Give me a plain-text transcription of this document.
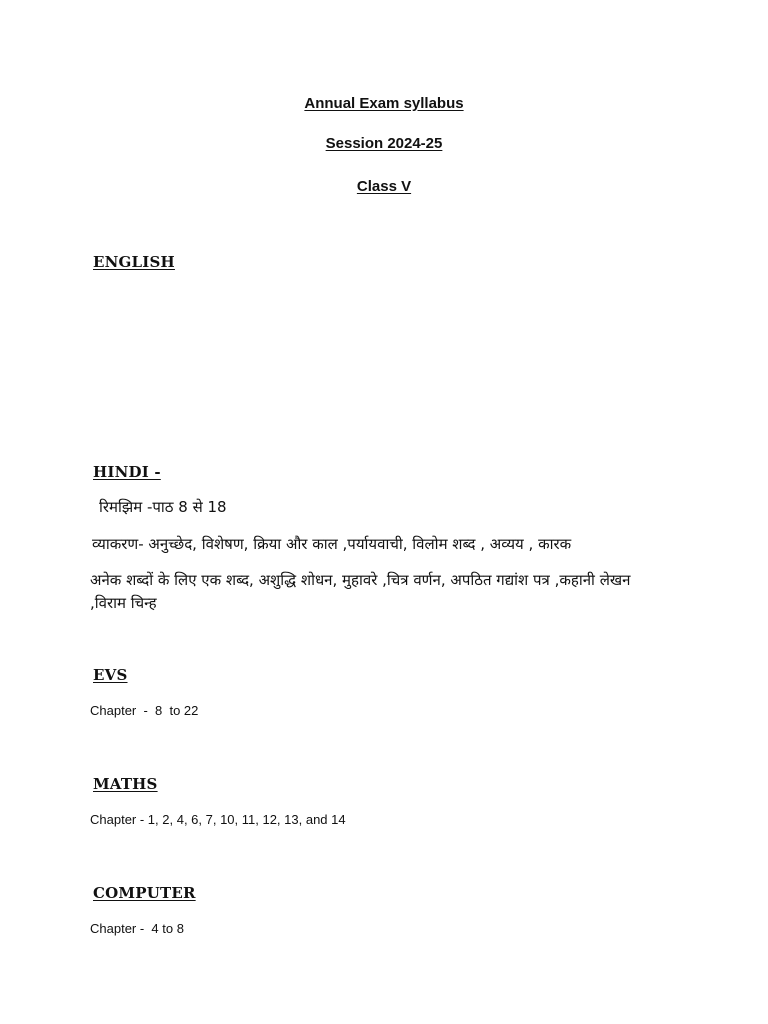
Annual Exam syllabus
Session 2024-25
Class V
ENGLISH
HINDI -
रिमझिम -पाठ 8 से 18
व्याकरण- अनुच्छेद, विशेषण, क्रिया और काल ,पर्यायवाची, विलोम शब्द , अव्यय , कारक
अनेक शब्दों के लिए एक शब्द, अशुद्धि शोधन, मुहावरे ,चित्र वर्णन, अपठित गद्यांश पत्र ,कहानी लेखन
,विराम चिन्ह
EVS
Chapter  -  8  to 22
MATHS
Chapter - 1, 2, 4, 6, 7, 10, 11, 12, 13, and 14
COMPUTER
Chapter -  4 to 8
